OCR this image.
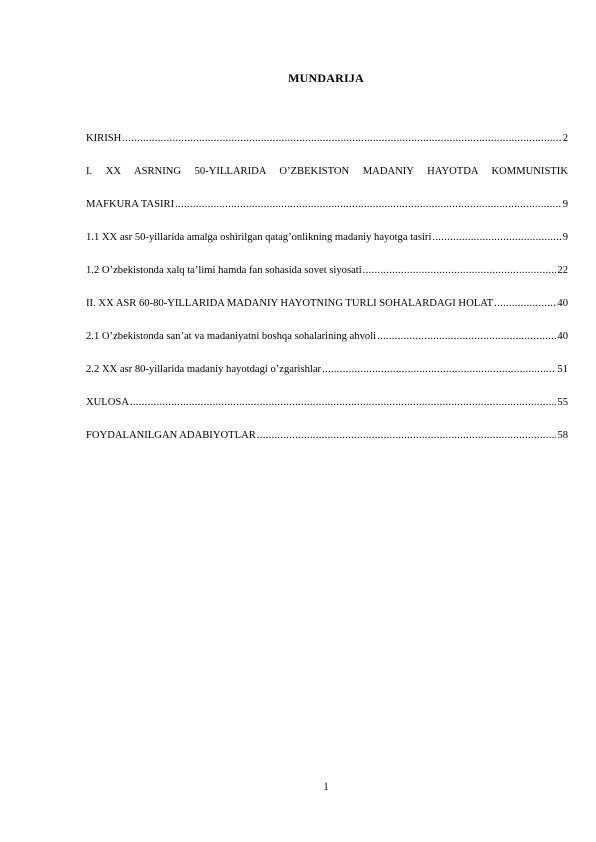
MUNDARIJA
KIRISH .....	2
I. XX ASRNING 50-YILLARIDA O’ZBEKISTON MADANIY HAYOTDA KOMMUNISTIK
MAFKURA TASIRI .....	9
1.1 XX asr 50-yillarida amalga oshirilgan qatag’onlikning madaniy hayotga tasiri .....	9
1.2 O’zbekistonda xalq ta’limi hamda fan sohasida sovet siyosati .....	22
II. XX ASR 60-80-YILLARIDA MADANIY HAYOTNING TURLI SOHALARDAGI HOLAT .....	40
2.1 O’zbekistonda san’at va madaniyatni boshqa sohalarining ahvoli .....	40
2.2 XX asr 80-yillarida madaniy hayotdagi o’zgarishlar .....	51
XULOSA .....	55
FOYDALANILGAN ADABIYOTLAR .....	58
1
